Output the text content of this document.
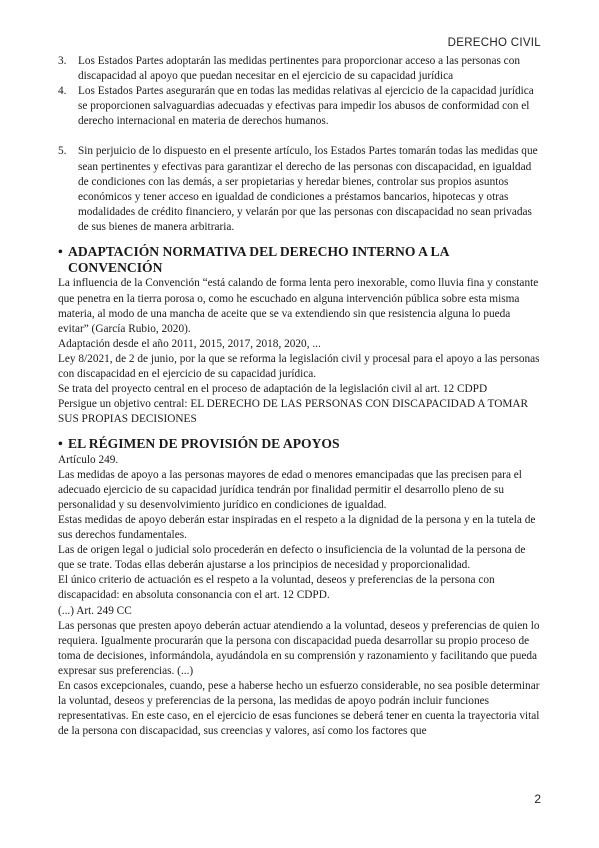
DERECHO CIVIL
3. Los Estados Partes adoptarán las medidas pertinentes para proporcionar acceso a las personas con discapacidad al apoyo que puedan necesitar en el ejercicio de su capacidad jurídica
4. Los Estados Partes asegurarán que en todas las medidas relativas al ejercicio de la capacidad jurídica se proporcionen salvaguardias adecuadas y efectivas para impedir los abusos de conformidad con el derecho internacional en materia de derechos humanos.
5. Sin perjuicio de lo dispuesto en el presente artículo, los Estados Partes tomarán todas las medidas que sean pertinentes y efectivas para garantizar el derecho de las personas con discapacidad, en igualdad de condiciones con las demás, a ser propietarias y heredar bienes, controlar sus propios asuntos económicos y tener acceso en igualdad de condiciones a préstamos bancarios, hipotecas y otras modalidades de crédito financiero, y velarán por que las personas con discapacidad no sean privadas de sus bienes de manera arbitraria.
• ADAPTACIÓN NORMATIVA DEL DERECHO INTERNO A LA CONVENCIÓN

La influencia de la Convención “está calando de forma lenta pero inexorable, como lluvia fina y constante que penetra en la tierra porosa o, como he escuchado en alguna intervención pública sobre esta misma materia, al modo de una mancha de aceite que se va extendiendo sin que resistencia alguna lo pueda evitar” (García Rubio, 2020).

Adaptación desde el año 2011, 2015, 2017, 2018, 2020, ...

Ley 8/2021, de 2 de junio, por la que se reforma la legislación civil y procesal para el apoyo a las personas con discapacidad en el ejercicio de su capacidad jurídica.

Se trata del proyecto central en el proceso de adaptación de la legislación civil al art. 12 CDPD

Persigue un objetivo central: EL DERECHO DE LAS PERSONAS CON DISCAPACIDAD A TOMAR SUS PROPIAS DECISIONES

• EL RÉGIMEN DE PROVISIÓN DE APOYOS

Artículo 249.

Las medidas de apoyo a las personas mayores de edad o menores emancipadas que las precisen para el adecuado ejercicio de su capacidad jurídica tendrán por finalidad permitir el desarrollo pleno de su personalidad y su desenvolvimiento jurídico en condiciones de igualdad.

Estas medidas de apoyo deberán estar inspiradas en el respeto a la dignidad de la persona y en la tutela de sus derechos fundamentales.

Las de origen legal o judicial solo procederán en defecto o insuficiencia de la voluntad de la persona de que se trate. Todas ellas deberán ajustarse a los principios de necesidad y proporcionalidad.

El único criterio de actuación es el respeto a la voluntad, deseos y preferencias de la persona con discapacidad: en absoluta consonancia con el art. 12 CDPD.

(...) Art. 249 CC

Las personas que presten apoyo deberán actuar atendiendo a la voluntad, deseos y preferencias de quien lo requiera. Igualmente procurarán que la persona con discapacidad pueda desarrollar su propio proceso de toma de decisiones, informándola, ayudándola en su comprensión y razonamiento y facilitando que pueda expresar sus preferencias. (...)

En casos excepcionales, cuando, pese a haberse hecho un esfuerzo considerable, no sea posible determinar la voluntad, deseos y preferencias de la persona, las medidas de apoyo podrán incluir funciones representativas. En este caso, en el ejercicio de esas funciones se deberá tener en cuenta la trayectoria vital de la persona con discapacidad, sus creencias y valores, así como los factores que

2
